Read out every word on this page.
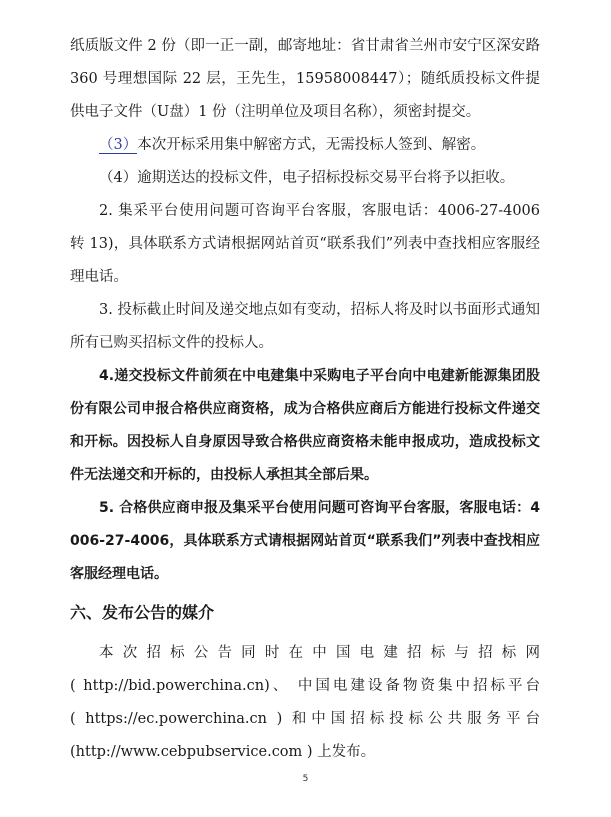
纸质版文件 2 份（即一正一副，邮寄地址：省甘肃省兰州市安宁区深安路 360 号理想国际 22 层，王先生，15958008447）；随纸质投标文件提供电子文件（U盘）1 份（注明单位及项目名称），须密封提交。

（3）本次开标采用集中解密方式，无需投标人签到、解密。

（4）逾期送达的投标文件，电子招标投标交易平台将予以拒收。

2. 集采平台使用问题可咨询平台客服，客服电话：4006-27-4006 转 13)，具体联系方式请根据网站首页“联系我们”列表中查找相应客服经理电话。

3. 投标截止时间及递交地点如有变动，招标人将及时以书面形式通知所有已购买招标文件的投标人。

4.递交投标文件前须在中电建集中采购电子平台向中电建新能源集团股份有限公司申报合格供应商资格，成为合格供应商后方能进行投标文件递交和开标。因投标人自身原因导致合格供应商资格未能申报成功，造成投标文件无法递交和开标的，由投标人承担其全部后果。

5. 合格供应商申报及集采平台使用问题可咨询平台客服，客服电话：4006-27-4006，具体联系方式请根据网站首页“联系我们”列表中查找相应客服经理电话。

六、发布公告的媒介

本次招标公告同时在中国电建招标与招标网

( http://bid.powerchina.cn)、 中国电建设备物资集中招标平台

( https://ec.powerchina.cn ) 和中国招标投标公共服务平台

(http://www.cebpubservice.com ) 上发布。

5
